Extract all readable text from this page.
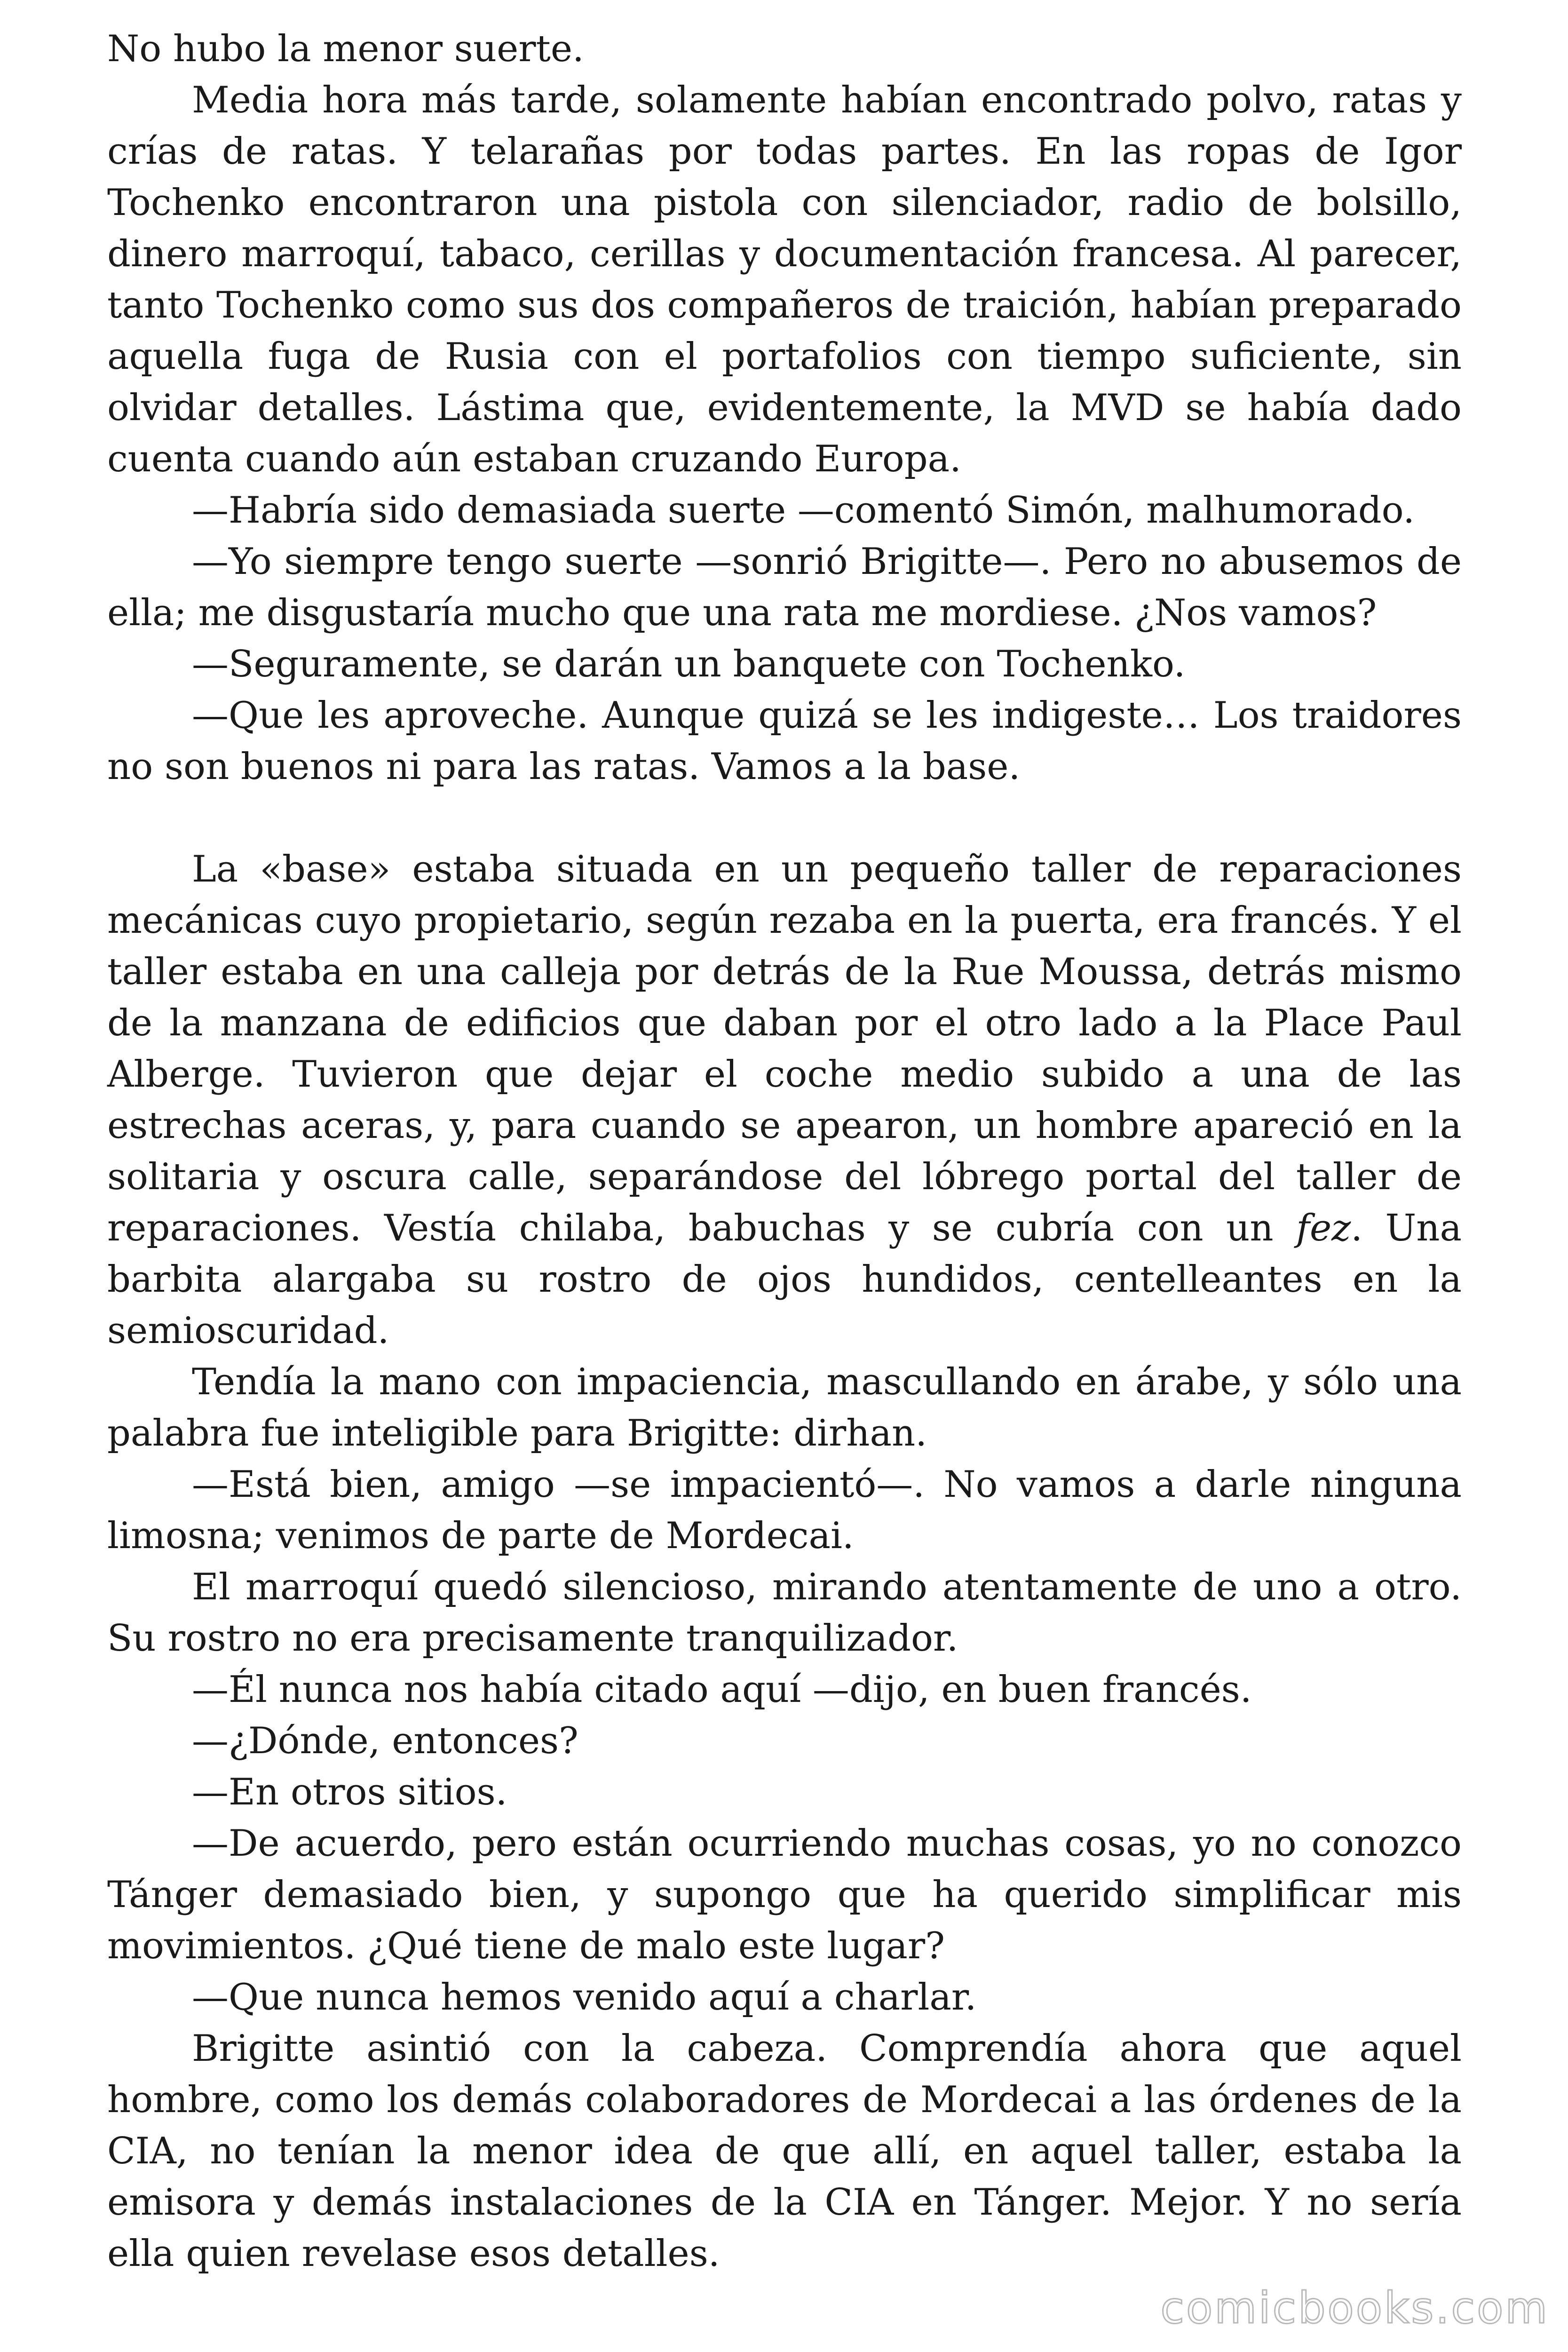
No hubo la menor suerte.

Media hora más tarde, solamente habían encontrado polvo, ratas y crías de ratas. Y telarañas por todas partes. En las ropas de Igor Tochenko encontraron una pistola con silenciador, radio de bolsillo, dinero marroquí, tabaco, cerillas y documentación francesa. Al parecer, tanto Tochenko como sus dos compañeros de traición, habían preparado aquella fuga de Rusia con el portafolios con tiempo suficiente, sin olvidar detalles. Lástima que, evidentemente, la MVD se había dado cuenta cuando aún estaban cruzando Europa.

—Habría sido demasiada suerte —comentó Simón, malhumorado.

—Yo siempre tengo suerte —sonrió Brigitte—. Pero no abusemos de ella; me disgustaría mucho que una rata me mordiese. ¿Nos vamos?

—Seguramente, se darán un banquete con Tochenko.

—Que les aproveche. Aunque quizá se les indigeste… Los traidores no son buenos ni para las ratas. Vamos a la base.

La «base» estaba situada en un pequeño taller de reparaciones mecánicas cuyo propietario, según rezaba en la puerta, era francés. Y el taller estaba en una calleja por detrás de la Rue Moussa, detrás mismo de la manzana de edificios que daban por el otro lado a la Place Paul Alberge. Tuvieron que dejar el coche medio subido a una de las estrechas aceras, y, para cuando se apearon, un hombre apareció en la solitaria y oscura calle, separándose del lóbrego portal del taller de reparaciones. Vestía chilaba, babuchas y se cubría con un fez. Una barbita alargaba su rostro de ojos hundidos, centelleantes en la semioscuridad.

Tendía la mano con impaciencia, mascullando en árabe, y sólo una palabra fue inteligible para Brigitte: dirhan.

—Está bien, amigo —se impacientó—. No vamos a darle ninguna limosna; venimos de parte de Mordecai.

El marroquí quedó silencioso, mirando atentamente de uno a otro. Su rostro no era precisamente tranquilizador.

—Él nunca nos había citado aquí —dijo, en buen francés.

—¿Dónde, entonces?

—En otros sitios.

—De acuerdo, pero están ocurriendo muchas cosas, yo no conozco Tánger demasiado bien, y supongo que ha querido simplificar mis movimientos. ¿Qué tiene de malo este lugar?

—Que nunca hemos venido aquí a charlar.

Brigitte asintió con la cabeza. Comprendía ahora que aquel hombre, como los demás colaboradores de Mordecai a las órdenes de la CIA, no tenían la menor idea de que allí, en aquel taller, estaba la emisora y demás instalaciones de la CIA en Tánger. Mejor. Y no sería ella quien revelase esos detalles.

comicbooks.com
